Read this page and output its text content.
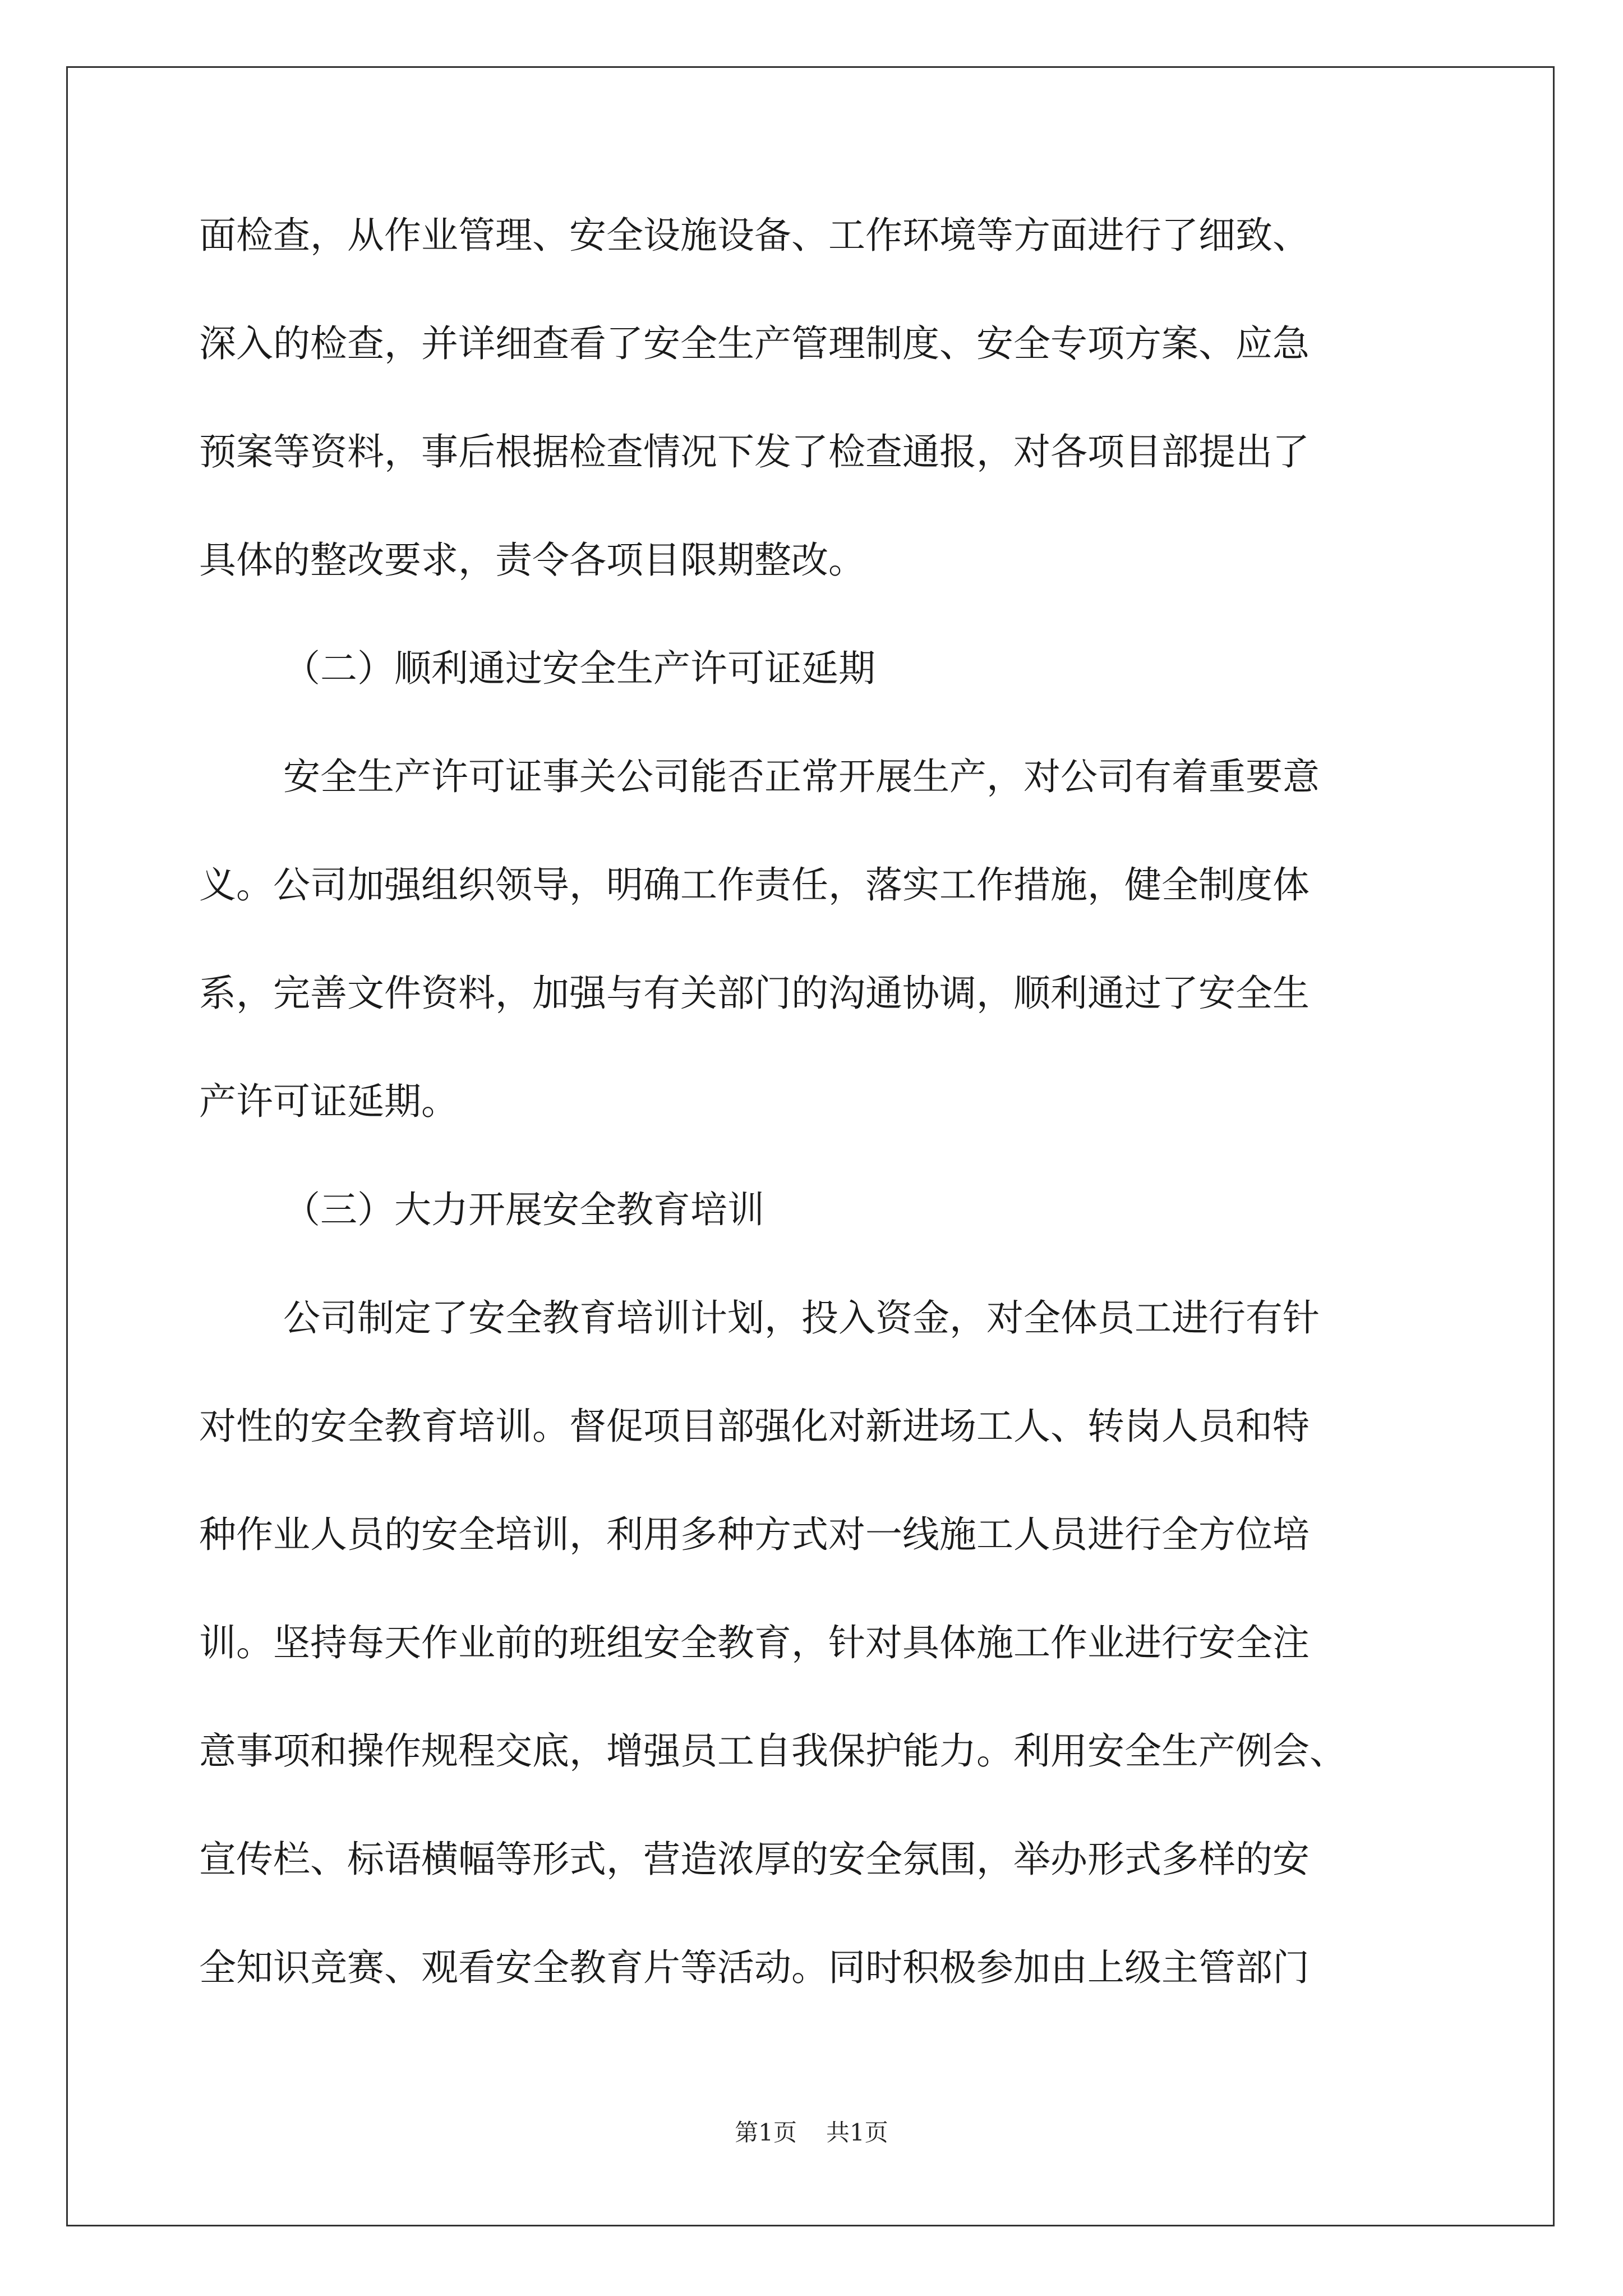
面检查，从作业管理、安全设施设备、工作环境等方面进行了细致、
深入的检查，并详细查看了安全生产管理制度、安全专项方案、应急
预案等资料，事后根据检查情况下发了检查通报，对各项目部提出了
具体的整改要求，责令各项目限期整改。
（二）顺利通过安全生产许可证延期
安全生产许可证事关公司能否正常开展生产，对公司有着重要意
义。公司加强组织领导，明确工作责任，落实工作措施，健全制度体
系，完善文件资料，加强与有关部门的沟通协调，顺利通过了安全生
产许可证延期。
（三）大力开展安全教育培训
公司制定了安全教育培训计划，投入资金，对全体员工进行有针
对性的安全教育培训。督促项目部强化对新进场工人、转岗人员和特
种作业人员的安全培训，利用多种方式对一线施工人员进行全方位培
训。坚持每天作业前的班组安全教育，针对具体施工作业进行安全注
意事项和操作规程交底，增强员工自我保护能力。利用安全生产例会、
宣传栏、标语横幅等形式，营造浓厚的安全氛围，举办形式多样的安
全知识竞赛、观看安全教育片等活动。同时积极参加由上级主管部门
第1页 共1页
